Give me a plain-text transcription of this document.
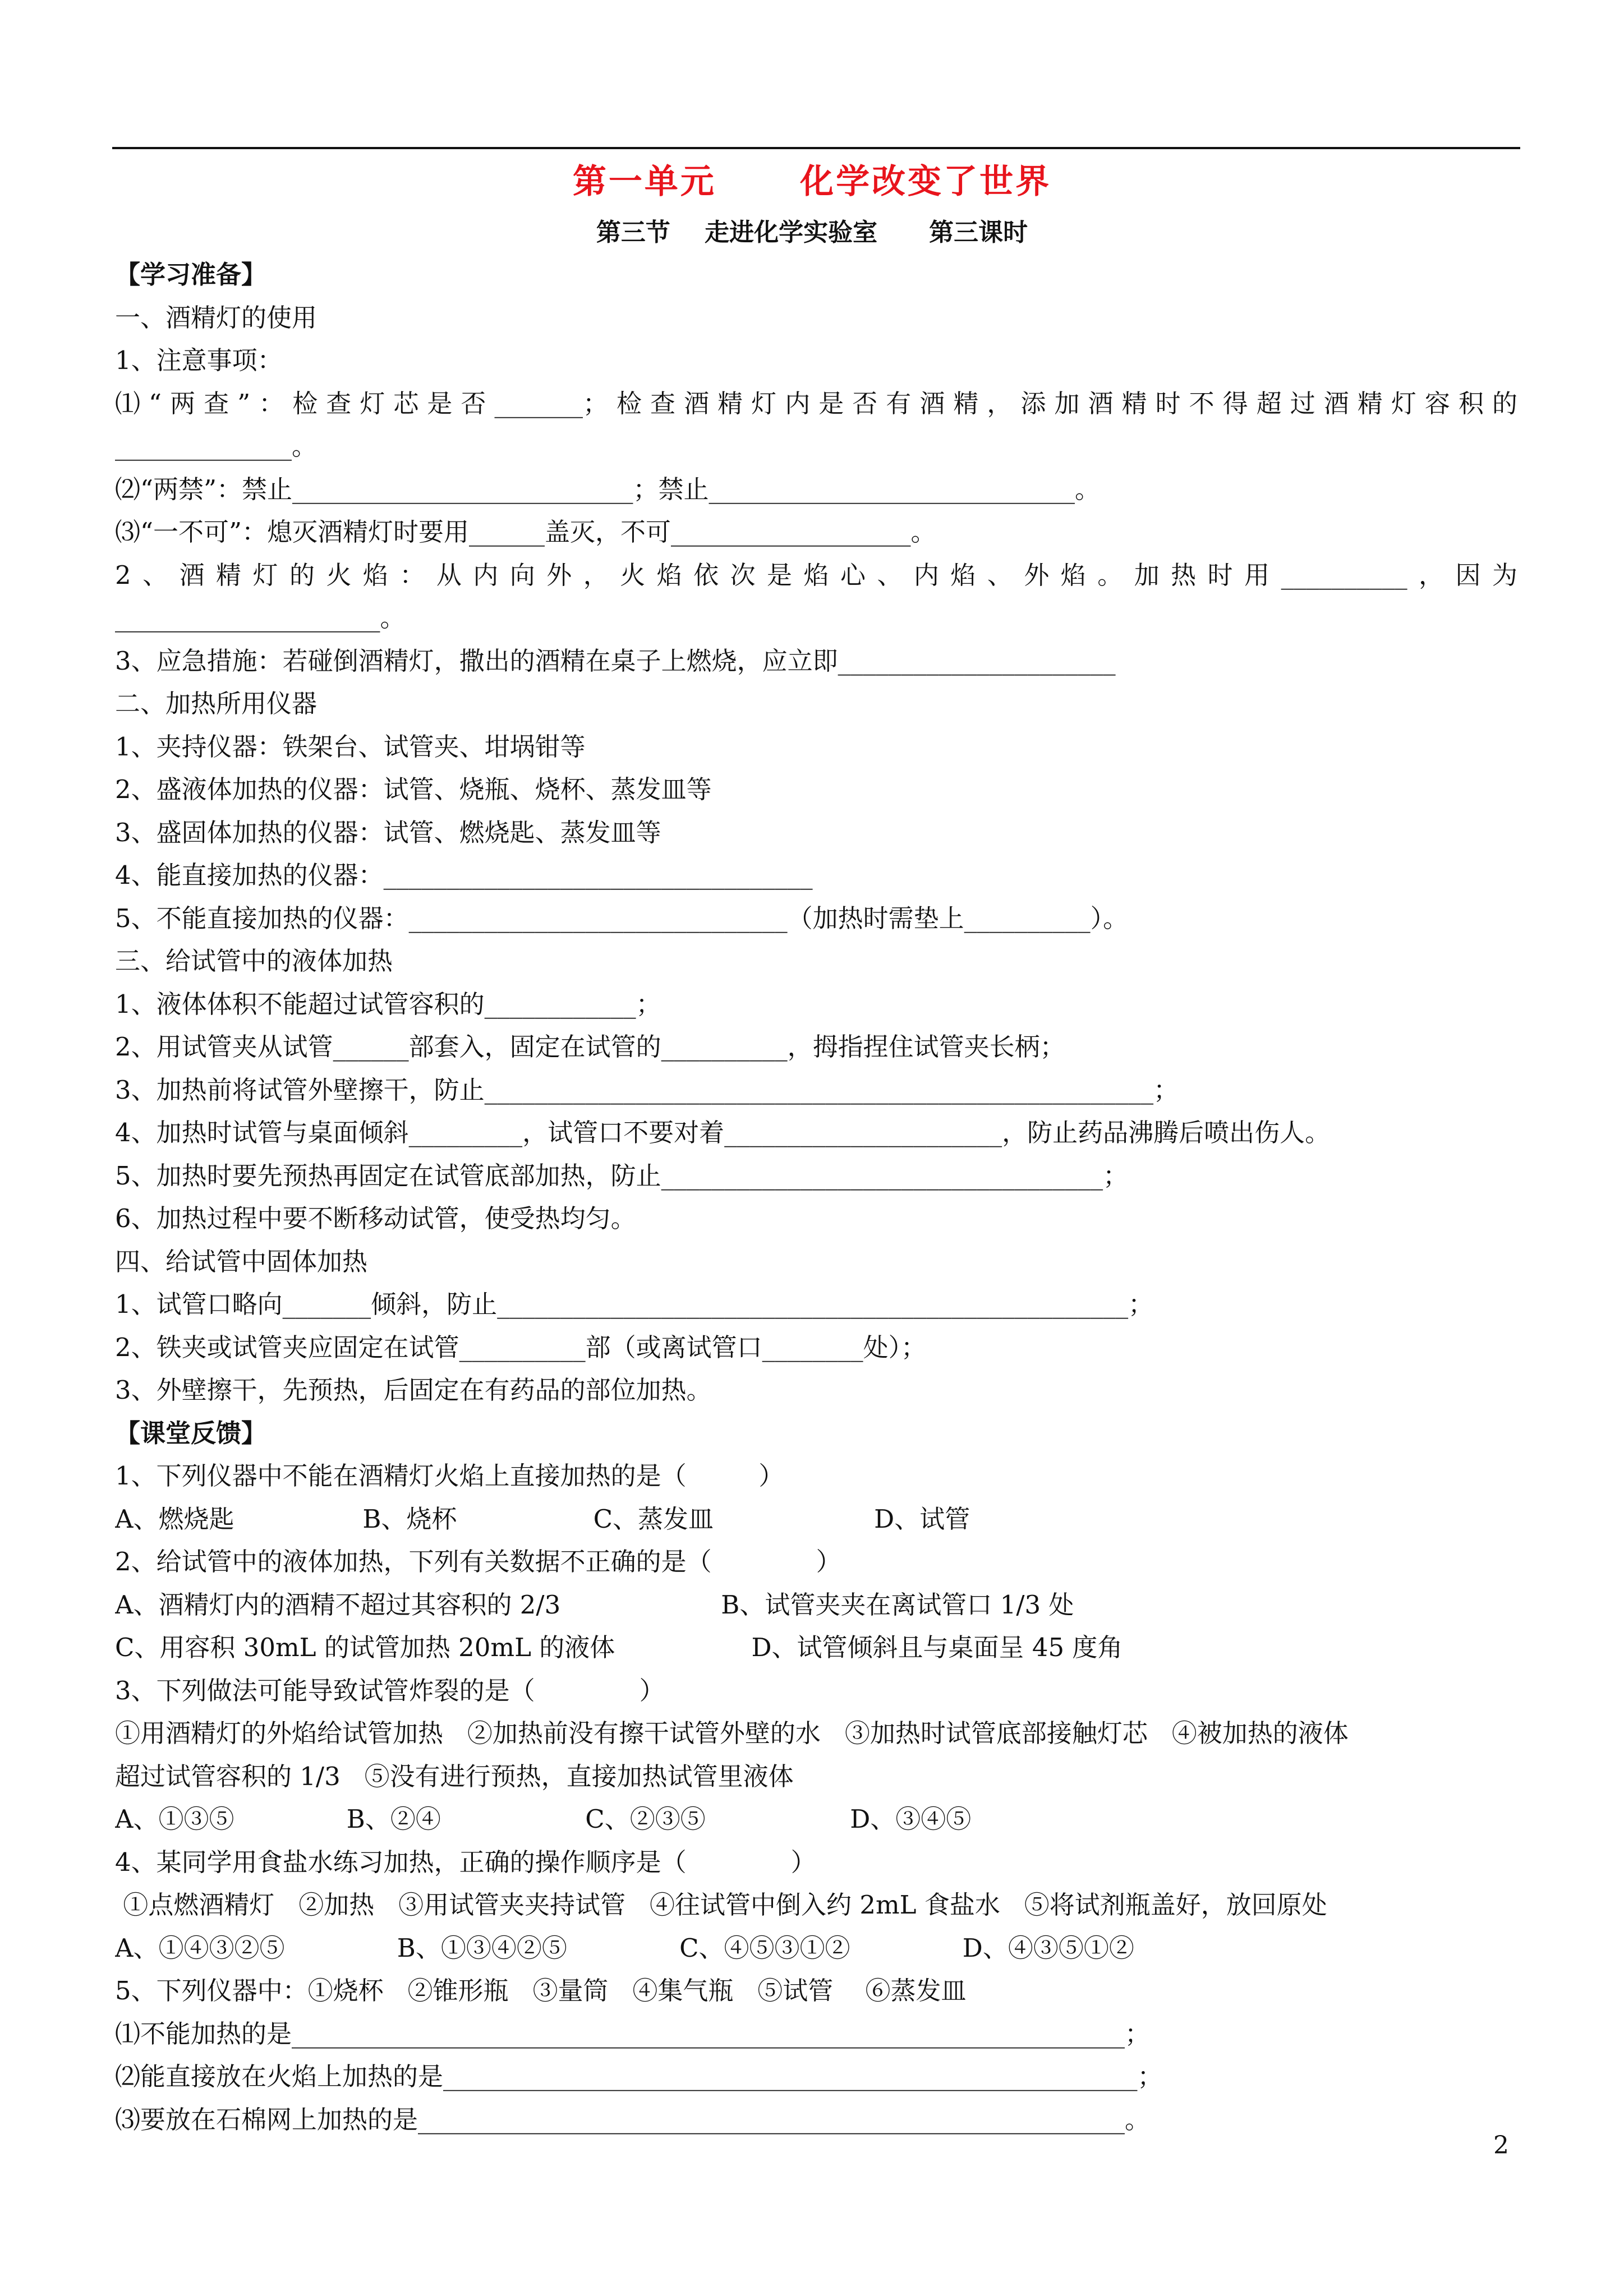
第一单元      化学改变了世界
第三节    走进化学实验室      第三课时
【学习准备】
一、酒精灯的使用
1、注意事项：
⑴“两查”：检查灯芯是否_______；检查酒精灯内是否有酒精，添加酒精时不得超过酒精灯容积的
______________。
⑵“两禁”：禁止___________________________；禁止_____________________________。
⑶“一不可”：熄灭酒精灯时要用______盖灭，不可___________________。
2、酒精灯的火焰：从内向外，火焰依次是焰心、内焰、外焰。加热时用__________，因为
_____________________。
3、应急措施：若碰倒酒精灯，撒出的酒精在桌子上燃烧，应立即______________________
二、加热所用仪器
1、夹持仪器：铁架台、试管夹、坩埚钳等
2、盛液体加热的仪器：试管、烧瓶、烧杯、蒸发皿等
3、盛固体加热的仪器：试管、燃烧匙、蒸发皿等
4、能直接加热的仪器：__________________________________
5、不能直接加热的仪器：______________________________（加热时需垫上__________）。
三、给试管中的液体加热
1、液体体积不能超过试管容积的____________；
2、用试管夹从试管______部套入，固定在试管的__________，拇指捏住试管夹长柄；
3、加热前将试管外壁擦干，防止_____________________________________________________；
4、加热时试管与桌面倾斜_________，试管口不要对着______________________，防止药品沸腾后喷出伤人。
5、加热时要先预热再固定在试管底部加热，防止___________________________________；
6、加热过程中要不断移动试管，使受热均匀。
四、给试管中固体加热
1、试管口略向_______倾斜，防止__________________________________________________；
2、铁夹或试管夹应固定在试管__________部（或离试管口________处）；
3、外壁擦干，先预热，后固定在有药品的部位加热。
【课堂反馈】
1、下列仪器中不能在酒精灯火焰上直接加热的是（         ）
A、燃烧匙                B、烧杯                 C、蒸发皿                    D、试管
2、给试管中的液体加热，下列有关数据不正确的是（             ）
A、酒精灯内的酒精不超过其容积的 2/3                    B、试管夹夹在离试管口 1/3 处
C、用容积 30mL 的试管加热 20mL 的液体                 D、试管倾斜且与桌面呈 45 度角
3、下列做法可能导致试管炸裂的是（             ）
①用酒精灯的外焰给试管加热   ②加热前没有擦干试管外壁的水   ③加热时试管底部接触灯芯   ④被加热的液体
超过试管容积的 1/3   ⑤没有进行预热，直接加热试管里液体
A、①③⑤              B、②④                  C、②③⑤                  D、③④⑤
4、某同学用食盐水练习加热，正确的操作顺序是（             ）
①点燃酒精灯   ②加热   ③用试管夹夹持试管   ④往试管中倒入约 2mL 食盐水   ⑤将试剂瓶盖好，放回原处
A、①④③②⑤              B、①③④②⑤              C、④⑤③①②              D、④③⑤①②
5、下列仪器中：①烧杯   ②锥形瓶   ③量筒   ④集气瓶   ⑤试管    ⑥蒸发皿
⑴不能加热的是__________________________________________________________________；
⑵能直接放在火焰上加热的是_______________________________________________________；
⑶要放在石棉网上加热的是________________________________________________________。
2
